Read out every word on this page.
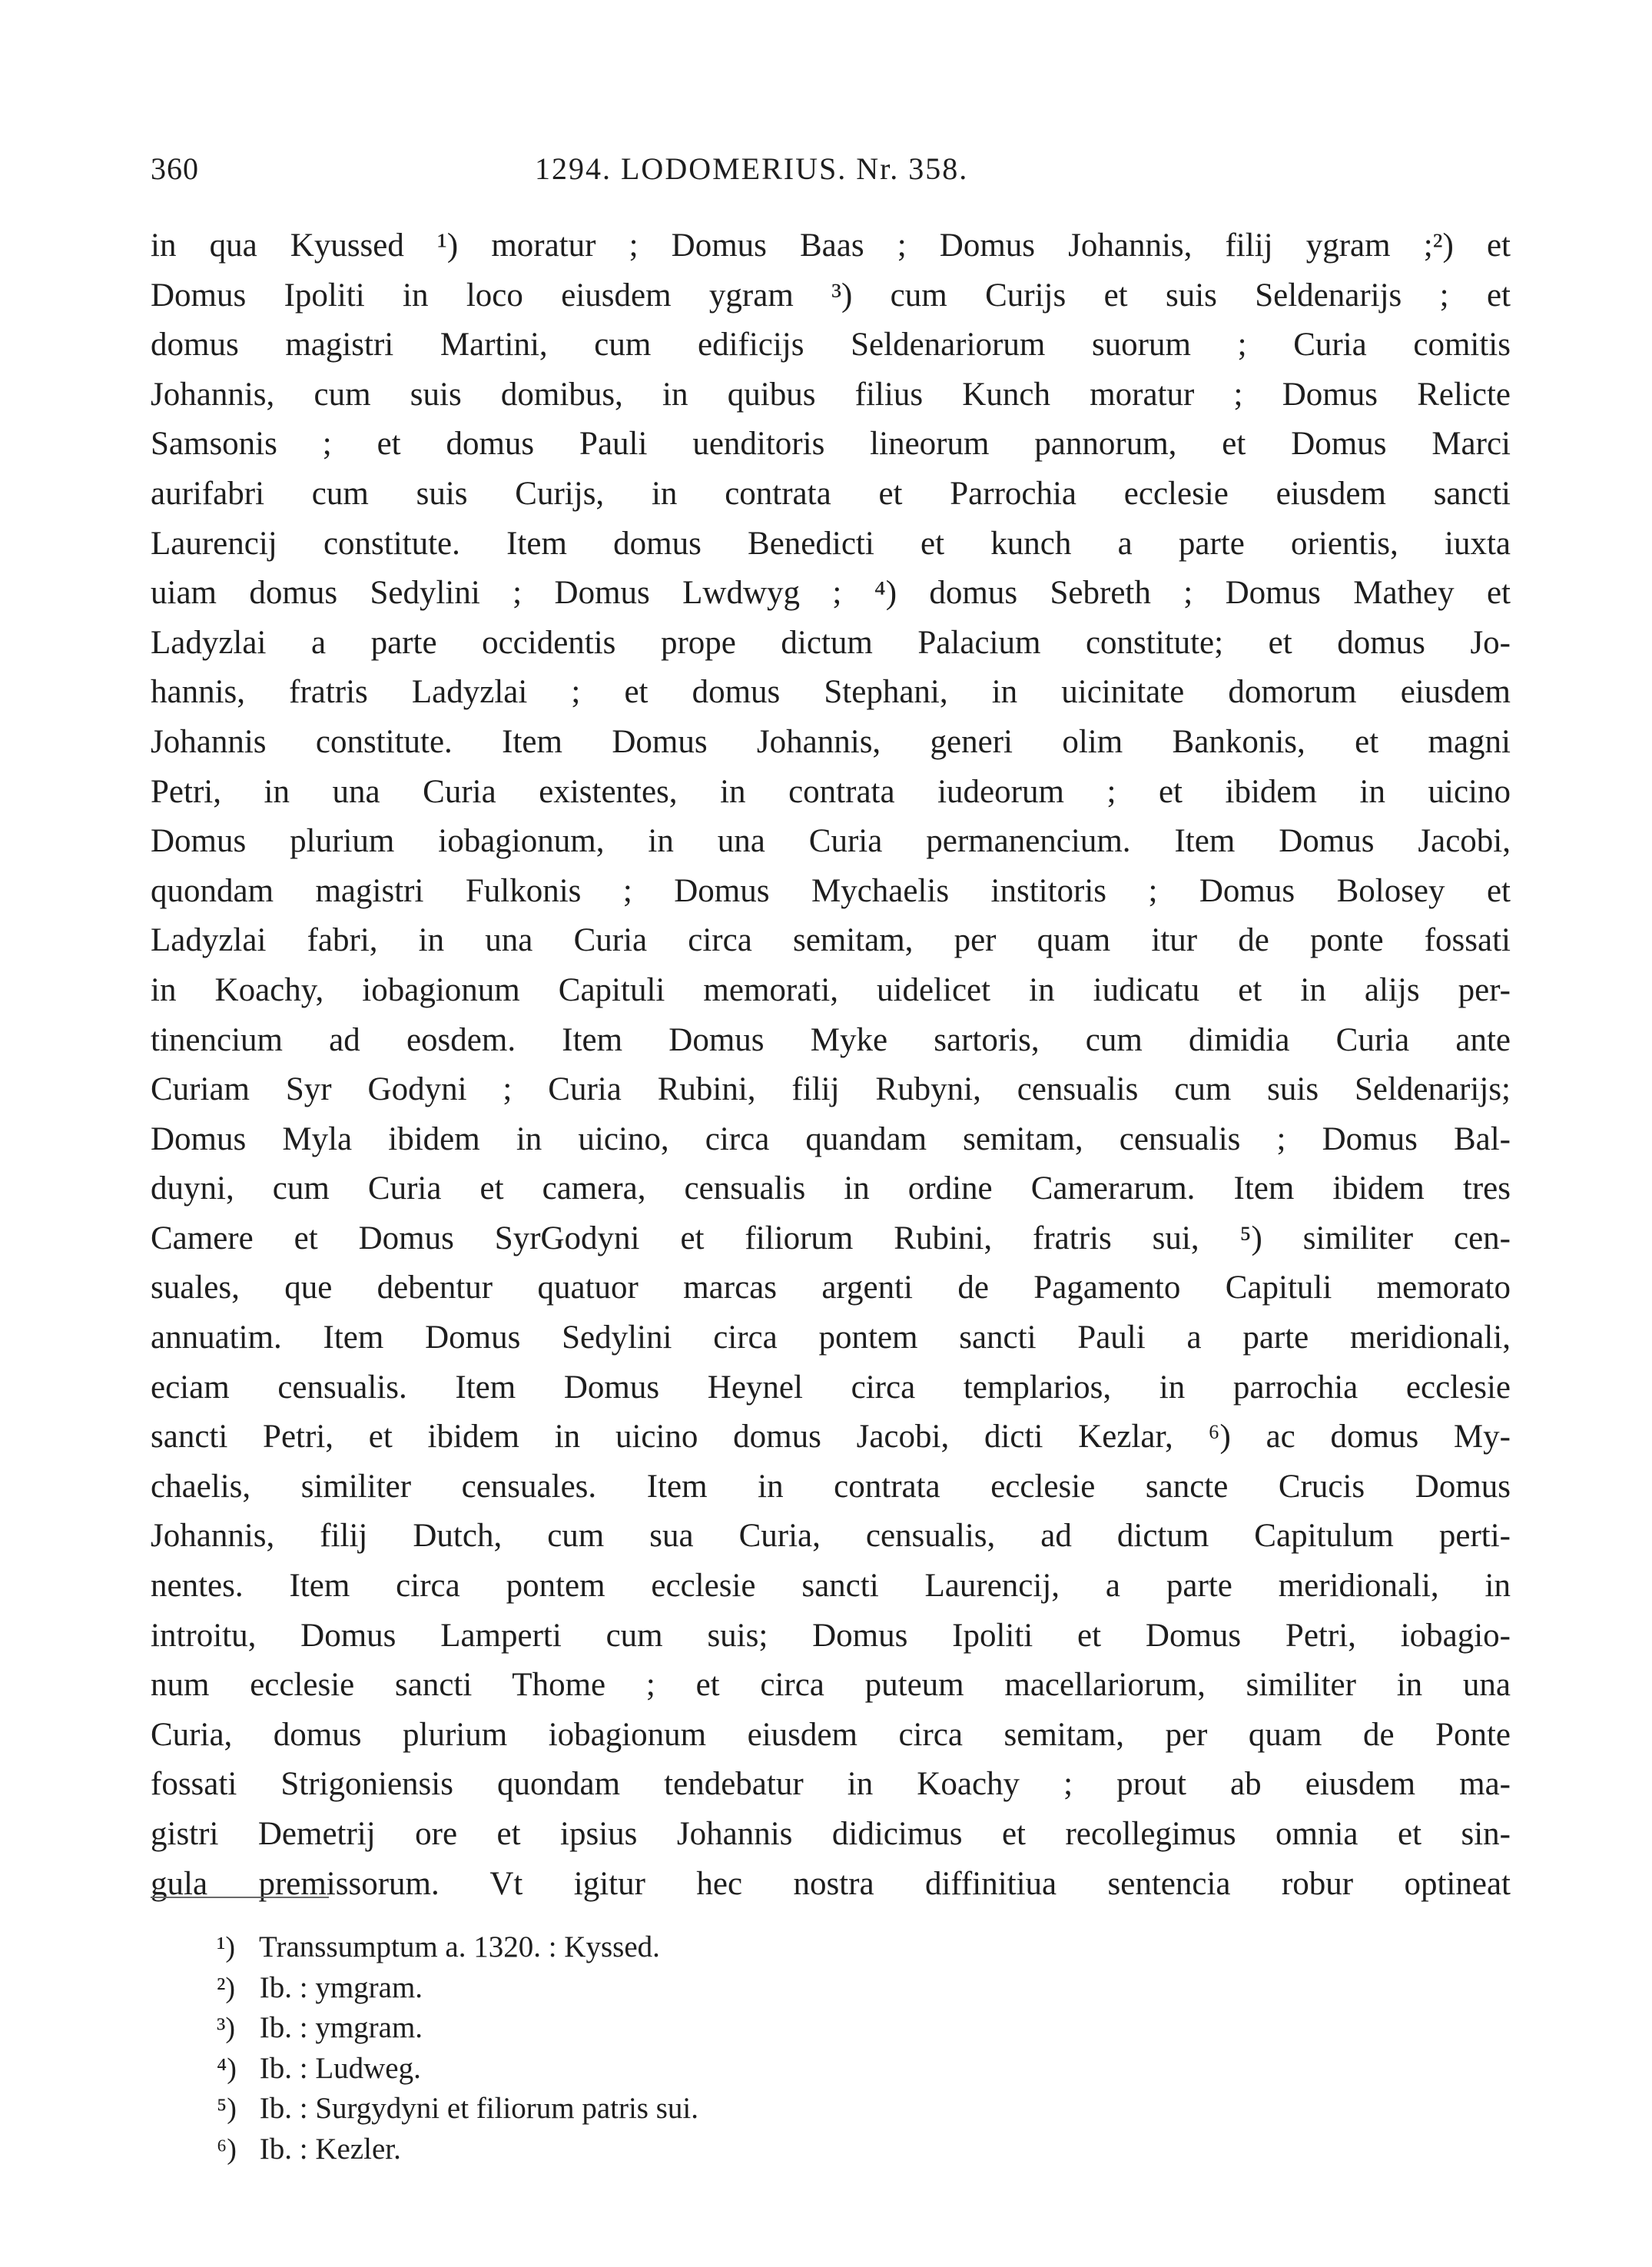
360	1294. LODOMERIUS. Nr. 358.
in qua Kyussed ¹) moratur ; Domus Baas ; Domus Johannis, filij ygram ;²) et
Domus Ipoliti in loco eiusdem ygram ³) cum Curijs et suis Seldenarijs ; et
domus magistri Martini, cum edificijs Seldenariorum suorum ; Curia comitis
Johannis, cum suis domibus, in quibus filius Kunch moratur ; Domus Relicte
Samsonis ; et domus Pauli uenditoris lineorum pannorum, et Domus Marci
aurifabri cum suis Curijs, in contrata et Parrochia ecclesie eiusdem sancti
Laurencij constitute. Item domus Benedicti et kunch a parte orientis, iuxta
uiam domus Sedylini ; Domus Lwdwyg ; ⁴) domus Sebreth ; Domus Mathey et
Ladyzlai a parte occidentis prope dictum Palacium constitute; et domus Jo-
hannis, fratris Ladyzlai ; et domus Stephani, in uicinitate domorum eiusdem
Johannis constitute. Item Domus Johannis, generi olim Bankonis, et magni
Petri, in una Curia existentes, in contrata iudeorum ; et ibidem in uicino
Domus plurium iobagionum, in una Curia permanencium. Item Domus Jacobi,
quondam magistri Fulkonis ; Domus Mychaelis institoris ; Domus Bolosey et
Ladyzlai fabri, in una Curia circa semitam, per quam itur de ponte fossati
in Koachy, iobagionum Capituli memorati, uidelicet in iudicatu et in alijs per-
tinencium ad eosdem. Item Domus Myke sartoris, cum dimidia Curia ante
Curiam Syr Godyni ; Curia Rubini, filij Rubyni, censualis cum suis Seldenarijs;
Domus Myla ibidem in uicino, circa quandam semitam, censualis ; Domus Bal-
duyni, cum Curia et camera, censualis in ordine Camerarum. Item ibidem tres
Camere et Domus SyrGodyni et filiorum Rubini, fratris sui, ⁵) similiter cen-
suales, que debentur quatuor marcas argenti de Pagamento Capituli memorato
annuatim. Item Domus Sedylini circa pontem sancti Pauli a parte meridionali,
eciam censualis. Item Domus Heynel circa templarios, in parrochia ecclesie
sancti Petri, et ibidem in uicino domus Jacobi, dicti Kezlar, ⁶) ac domus My-
chaelis, similiter censuales. Item in contrata ecclesie sancte Crucis Domus
Johannis, filij Dutch, cum sua Curia, censualis, ad dictum Capitulum perti-
nentes. Item circa pontem ecclesie sancti Laurencij, a parte meridionali, in
introitu, Domus Lamperti cum suis; Domus Ipoliti et Domus Petri, iobagio-
num ecclesie sancti Thome ; et circa puteum macellariorum, similiter in una
Curia, domus plurium iobagionum eiusdem circa semitam, per quam de Ponte
fossati Strigoniensis quondam tendebatur in Koachy ; prout ab eiusdem ma-
gistri Demetrij ore et ipsius Johannis didicimus et recollegimus omnia et sin-
gula premissorum. Vt igitur hec nostra diffinitiua sentencia robur optineat
¹) Transsumptum a. 1320. : Kyssed.
²) Ib. : ymgram.
³) Ib. : ymgram.
⁴) Ib. : Ludweg.
⁵) Ib. : Surgydyni et filiorum patris sui.
⁶) Ib. : Kezler.
